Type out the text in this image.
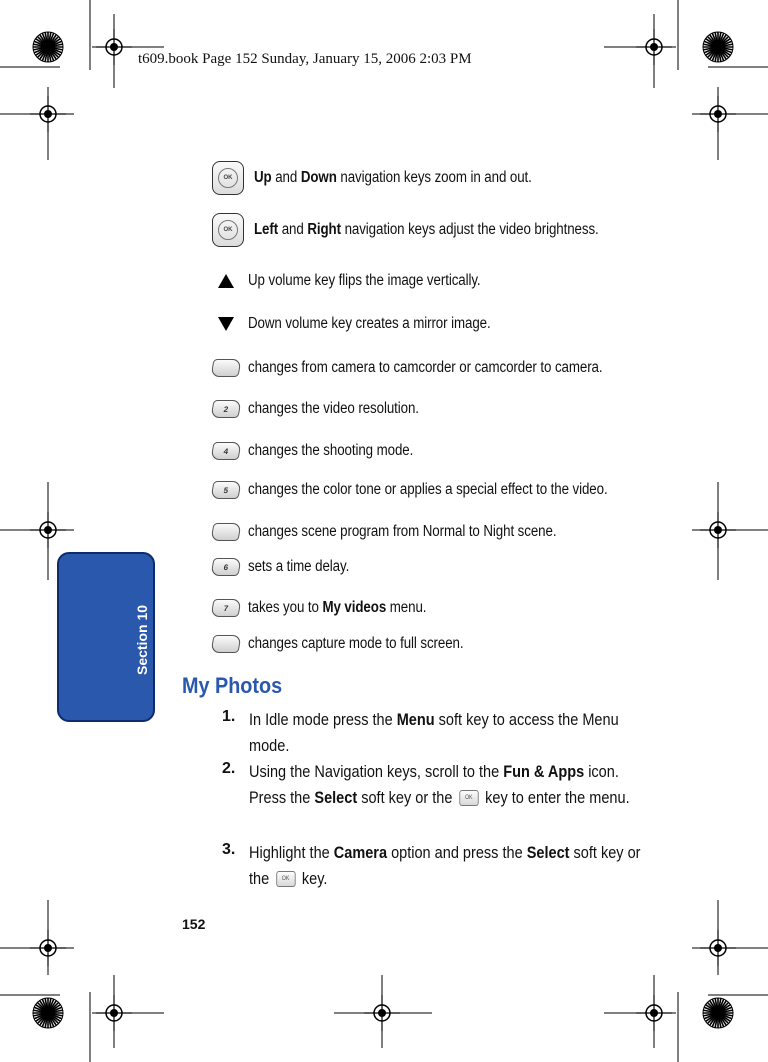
t609.book Page 152 Sunday, January 15, 2006 2:03 PM
Section 10
OK	Up and Down navigation keys zoom in and out.
OK	Left and Right navigation keys adjust the video brightness.
Up volume key flips the image vertically.
Down volume key creates a mirror image.
changes from camera to camcorder or camcorder to camera.
2	changes the video resolution.
4	changes the shooting mode.
5	changes the color tone or applies a special effect to the video.
changes scene program from Normal to Night scene.
6	sets a time delay.
7	takes you to My videos menu.
changes capture mode to full screen.
My Photos
1. In Idle mode press the Menu soft key to access the Menu mode.
2. Using the Navigation keys, scroll to the Fun & Apps icon. Press the Select soft key or the OK key to enter the menu.
3. Highlight the Camera option and press the Select soft key or the OK key.
152
